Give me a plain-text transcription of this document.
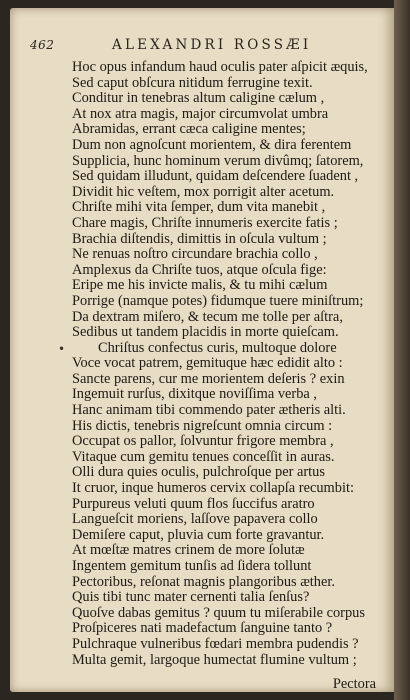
462	ALEXANDRI ROSSÆI
•
Hoc opus infandum haud oculis pater aſpicit æquis,
Sed caput obſcura nitidum ferrugine texit.
Conditur in tenebras altum caligine cælum ,
At nox atra magis, major circumvolat umbra
Abramidas, errant cæca caligine mentes;
Dum non agnoſcunt morientem, & dira ferentem
Supplicia, hunc hominum verum divûmq; ſatorem,
Sed quidam illudunt, quidam deſcendere ſuadent ,
Dividit hic veſtem, mox porrigit alter acetum.
Chriſte mihi vita ſemper, dum vita manebit ,
Chare magis, Chriſte innumeris exercite fatis ;
Brachia diſtendis, dimittis in oſcula vultum ;
Ne renuas noſtro circundare brachia collo ,
Amplexus da Chriſte tuos, atque oſcula fige:
Eripe me his invicte malis, & tu mihi cælum
Porrige (namque potes) fidumque tuere miniſtrum;
Da dextram miſero, & tecum me tolle per aſtra,
Sedibus ut tandem placidis in morte quieſcam.
Chriſtus confectus curis, multoque dolore
Voce vocat patrem, gemituque hæc edidit alto :
Sancte parens, cur me morientem deſeris ? exin
Ingemuit rurſus, dixitque noviſſima verba ,
Hanc animam tibi commendo pater ætheris alti.
His dictis, tenebris nigreſcunt omnia circum :
Occupat os pallor, ſolvuntur frigore membra ,
Vitaque cum gemitu tenues conceſſit in auras.
Olli dura quies oculis, pulchroſque per artus
It cruor, inque humeros cervix collapſa recumbit:
Purpureus veluti quum flos ſuccifus aratro
Langueſcit moriens, laſſove papavera collo
Demiſere caput, pluvia cum forte gravantur.
At mœſtæ matres crinem de more ſolutæ
Ingentem gemitum tunſis ad ſidera tollunt
Pectoribus, reſonat magnis plangoribus æther.
Quis tibi tunc mater cernenti talia ſenſus?
Quoſve dabas gemitus ? quum tu miſerabile corpus
Proſpiceres nati madefactum ſanguine tanto ?
Pulchraque vulneribus fœdari membra pudendis ?
Multa gemit, largoque humectat flumine vultum ;
Pectora
